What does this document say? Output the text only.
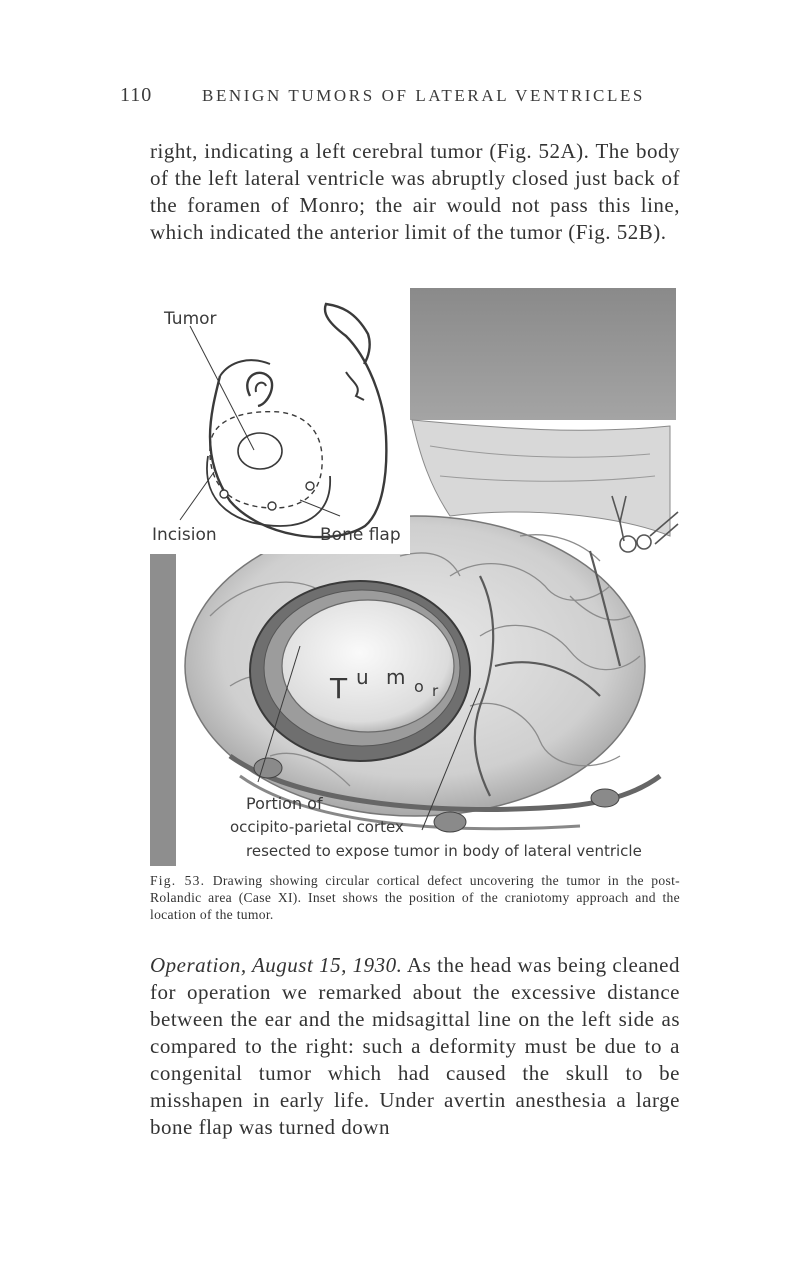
110	BENIGN TUMORS OF LATERAL VENTRICLES

right, indicating a left cerebral tumor (Fig. 52A). The body of the left lateral ventricle was abruptly closed just back of the foramen of Monro; the air would not pass this line, which indicated the anterior limit of the tumor (Fig. 52B).

T u m o r
Portion of
occipito-parietal cortex
resected to expose tumor in body of lateral ventricle
Tumor
Incision	Bone flap

Fig. 53. Drawing showing circular cortical defect uncovering the tumor in the post-Rolandic area (Case XI). Inset shows the position of the craniotomy approach and the location of the tumor.

Operation, August 15, 1930. As the head was being cleaned for operation we remarked about the excessive distance between the ear and the midsagittal line on the left side as compared to the right: such a deformity must be due to a congenital tumor which had caused the skull to be misshapen in early life. Under avertin anesthesia a large bone flap was turned down
